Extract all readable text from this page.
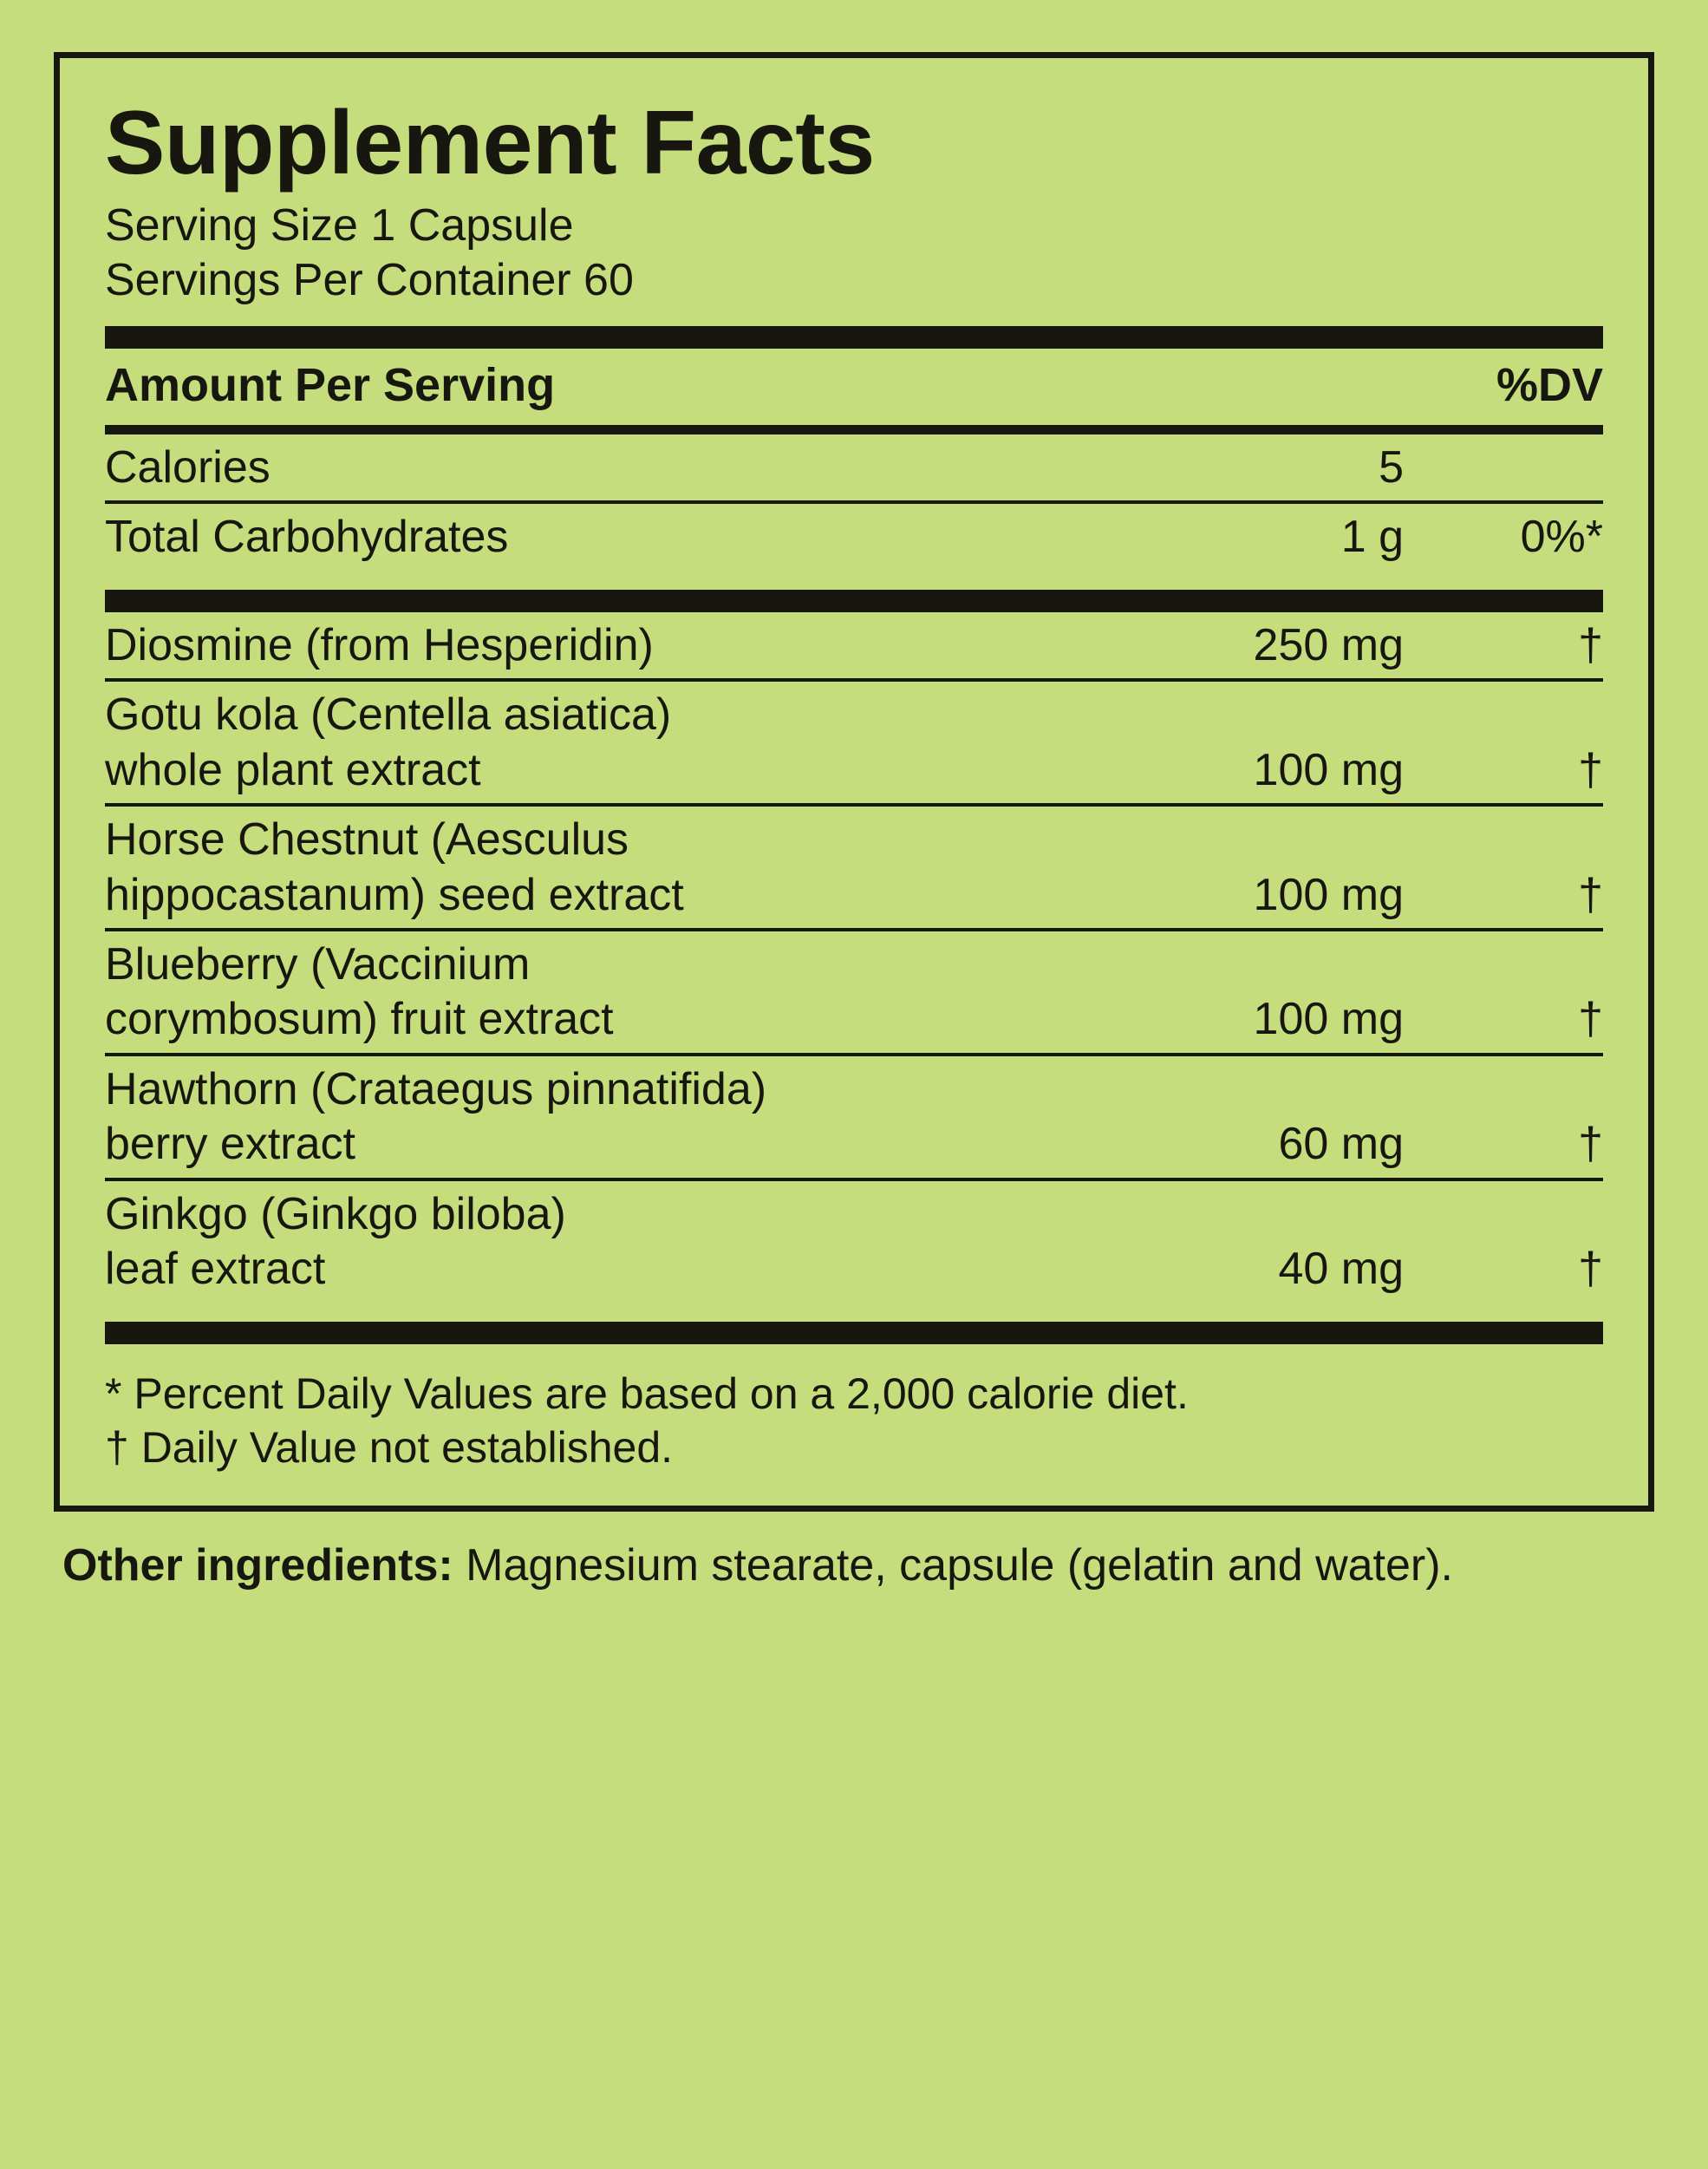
Supplement Facts

Serving Size 1 Capsule

Servings Per Container 60

Amount Per Serving	%DV
Calories	5
Total Carbohydrates	1 g	0%*
Diosmine (from Hesperidin)	250 mg	†
Gotu kola (Centella asiatica)
whole plant extract	100 mg	†
Horse Chestnut (Aesculus
hippocastanum) seed extract	100 mg	†
Blueberry (Vaccinium
corymbosum) fruit extract	100 mg	†
Hawthorn (Crataegus pinnatifida)
berry extract	60 mg	†
Ginkgo (Ginkgo biloba)
leaf extract	40 mg	†
* Percent Daily Values are based on a 2,000 calorie diet.
† Daily Value not established.

Other ingredients: Magnesium stearate, capsule (gelatin and water).
